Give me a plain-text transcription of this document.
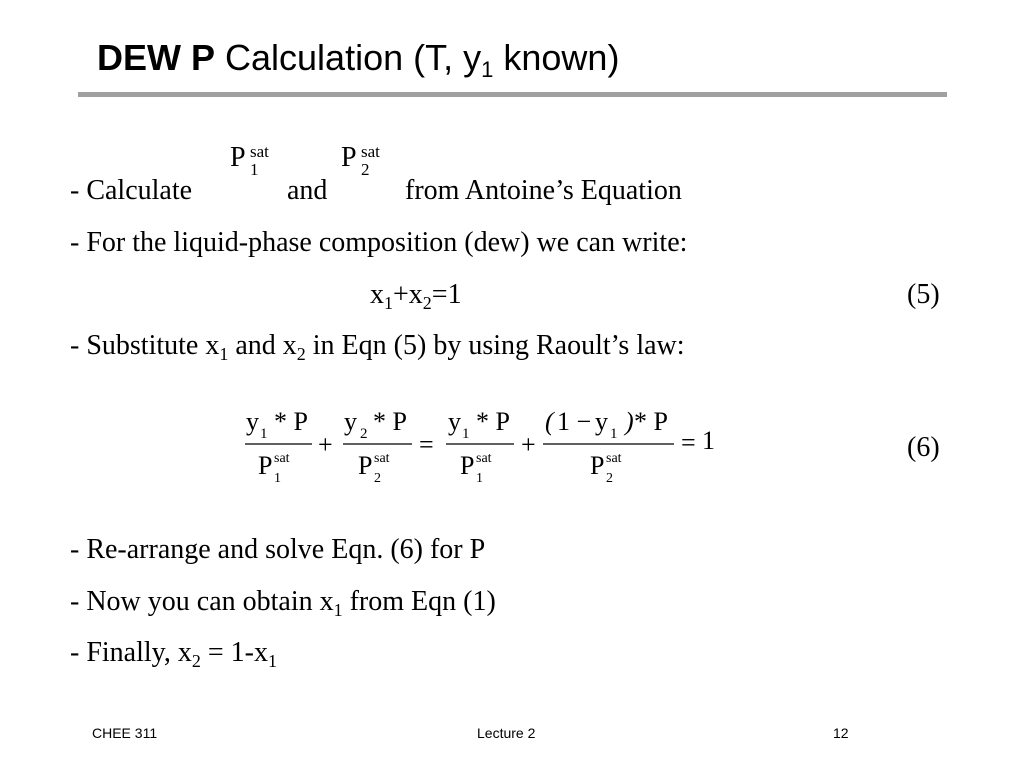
DEW P Calculation (T, $y_1$ known)
P sat
1	P sat
2
- Calculate	and	from Antoine’s Equation
- For the liquid-phase composition (dew) we can write:
$x_1+x_2=1$	(5)
- Substitute $x_1$ and $x_2$ in Eqn (5) by using Raoult’s law:
y 1 * P
P sat
1
+
y 2 * P
P sat
2
=
y 1 * P
P sat
1
+
( 1 − y 1 ) * P
P sat
2
= 1	(6)
- Re-arrange and solve Eqn. (6) for P
- Now you can obtain $x_1$ from Eqn (1)
- Finally, $x_2 = 1-x_1$
CHEE 311	Lecture 2	12
